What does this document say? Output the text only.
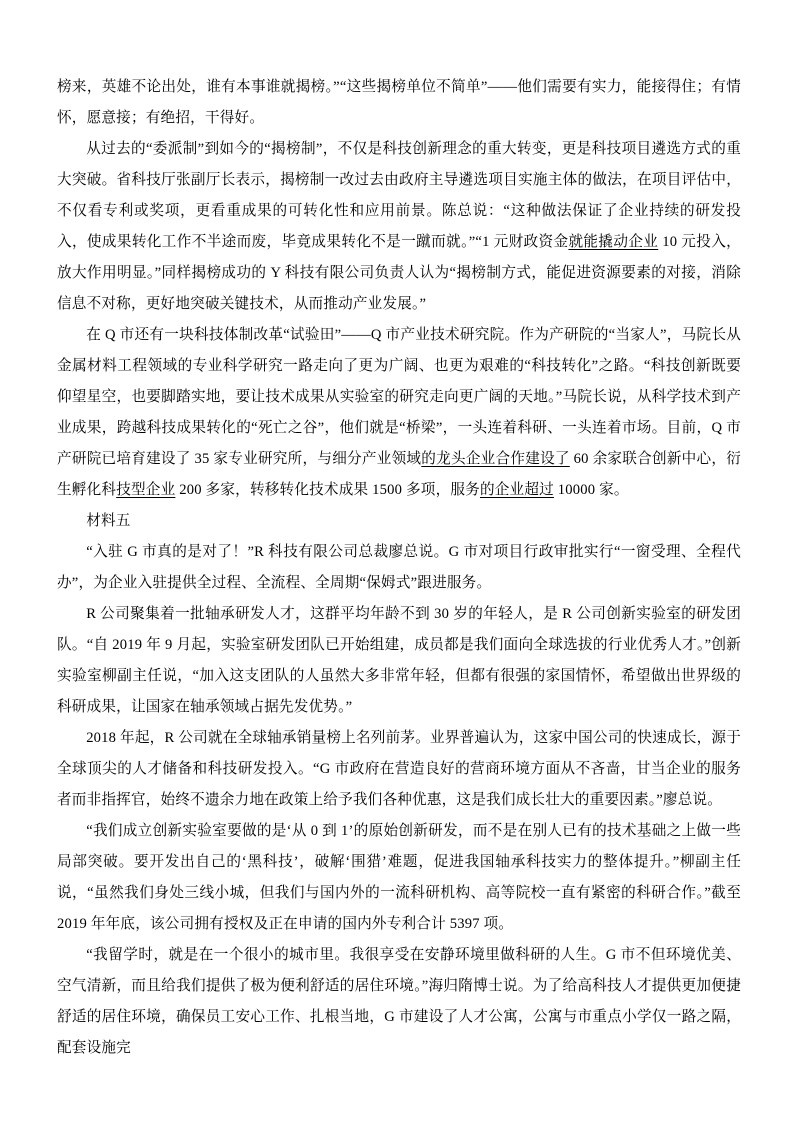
榜来，英雄不论出处，谁有本事谁就揭榜。”“这些揭榜单位不简单”——他们需要有实力，能接得住；有情怀，愿意接；有绝招，干得好。

从过去的“委派制”到如今的“揭榜制”，不仅是科技创新理念的重大转变，更是科技项目遴选方式的重大突破。省科技厅张副厅长表示，揭榜制一改过去由政府主导遴选项目实施主体的做法，在项目评估中，不仅看专利或奖项，更看重成果的可转化性和应用前景。陈总说：“这种做法保证了企业持续的研发投入，使成果转化工作不半途而废，毕竟成果转化不是一蹴而就。”“1 元财政资金就能撬动企业 10 元投入，放大作用明显。”同样揭榜成功的 Y 科技有限公司负责人认为“揭榜制方式，能促进资源要素的对接，消除信息不对称，更好地突破关键技术，从而推动产业发展。”

在 Q 市还有一块科技体制改革“试验田”——Q 市产业技术研究院。作为产研院的“当家人”，马院长从金属材料工程领域的专业科学研究一路走向了更为广阔、也更为艰难的“科技转化”之路。“科技创新既要仰望星空，也要脚踏实地，要让技术成果从实验室的研究走向更广阔的天地。”马院长说，从科学技术到产业成果，跨越科技成果转化的“死亡之谷”，他们就是“桥梁”，一头连着科研、一头连着市场。目前，Q 市产研院已培育建设了 35 家专业研究所，与细分产业领域的龙头企业合作建设了 60 余家联合创新中心，衍生孵化科技型企业 200 多家，转移转化技术成果 1500 多项，服务的企业超过 10000 家。

材料五

“入驻 G 市真的是对了！”R 科技有限公司总裁廖总说。G 市对项目行政审批实行“一窗受理、全程代办”，为企业入驻提供全过程、全流程、全周期“保姆式”跟进服务。

R 公司聚集着一批轴承研发人才，这群平均年龄不到 30 岁的年轻人，是 R 公司创新实验室的研发团队。“自 2019 年 9 月起，实验室研发团队已开始组建，成员都是我们面向全球选拔的行业优秀人才。”创新实验室柳副主任说，“加入这支团队的人虽然大多非常年轻，但都有很强的家国情怀，希望做出世界级的科研成果，让国家在轴承领域占据先发优势。”

2018 年起，R 公司就在全球轴承销量榜上名列前茅。业界普遍认为，这家中国公司的快速成长，源于全球顶尖的人才储备和科技研发投入。“G 市政府在营造良好的营商环境方面从不吝啬，甘当企业的服务者而非指挥官，始终不遗余力地在政策上给予我们各种优惠，这是我们成长壮大的重要因素。”廖总说。

“我们成立创新实验室要做的是‘从 0 到 1’的原始创新研发，而不是在别人已有的技术基础之上做一些局部突破。要开发出自己的‘黑科技’，破解‘围猎’难题，促进我国轴承科技实力的整体提升。”柳副主任说，“虽然我们身处三线小城，但我们与国内外的一流科研机构、高等院校一直有紧密的科研合作。”截至 2019 年年底，该公司拥有授权及正在申请的国内外专利合计 5397 项。

“我留学时，就是在一个很小的城市里。我很享受在安静环境里做科研的人生。G 市不但环境优美、空气清新，而且给我们提供了极为便利舒适的居住环境。”海归隋博士说。为了给高科技人才提供更加便捷舒适的居住环境，确保员工安心工作、扎根当地，G 市建设了人才公寓，公寓与市重点小学仅一路之隔，配套设施完
